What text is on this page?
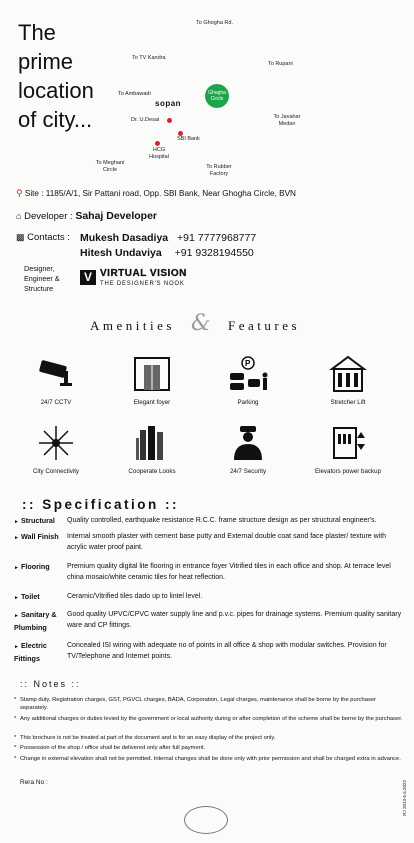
The
prime
location
of city...
To Ghogha Rd.
To TV Kandra
To Rupani
To Ambawadi	Ghogha Circle
sopan
Dr. U.Desai	To Javahar Medan
SBI Bank
HCG Hospital
To Meghani Circle	To Rubber Factory
⚲ Site : 1185/A/1, Sir Pattani road, Opp. SBI Bank, Near Ghogha Circle, BVN
⌂ Developer : Sahaj Developer
▩ Contacts : Mukesh Dasadiya +91 7777968777
Hitesh Undaviya +91 9328194550
Designer, Engineer & Structure
V VIRTUAL VISION
THE DESIGNER'S NOOK
Amenities & Features
24/7 CCTV	Elegant foyer
P
Parking	Stretcher Lift
City Connectivity	Cooperate Looks	24/7 Security	Elevators power backup
:: Specification ::
► Structural	Quality controlled, earthquake resistance R.C.C. frame structure design as per structural engineer's.
► Wall Finish	Internal smooth plaster with cement base putty and External double coat sand face plaster/ texture with acrylic water proof paint.
► Flooring	Premium quality digital lite flooring in entrance foyer Vitrified tiles in each office and shop. At terrace level china mosaic/white ceramic tiles for heat reflection.
► Toilet	Ceramic/Vitrified tiles dado up to lintel level.
► Sanitary & Plumbing
Good quality UPVC/CPVC water supply line and p.v.c. pipes for drainage systems. Premium quality sanitary ware and CP fittings.
► Electric Fittings
Concealed ISI wiring with adequate no of points in all office & shop with modular switches. Provision for TV/Telephone and Internet points.
:: Notes ::
* Stamp duty, Registration charges, GST, PGVCL charges, BADA, Corporation, Legal charges, maintenance shall be borne by the purchaser separately.
* Any additional charges or duties levied by the government or local authority during or after completion of the scheme shall be borne by the purchaser.
* This brochure is not be treated at part of the document and is for an easy display of the project only.
* Possession of the shop / office shall be delivered only after full payment.
* Change in external elevation shall not be permitted. Internal changes shall be done only with prior permission and shall be charged extra in advance.
Rera No :	RJ 2013-5.5.2022
